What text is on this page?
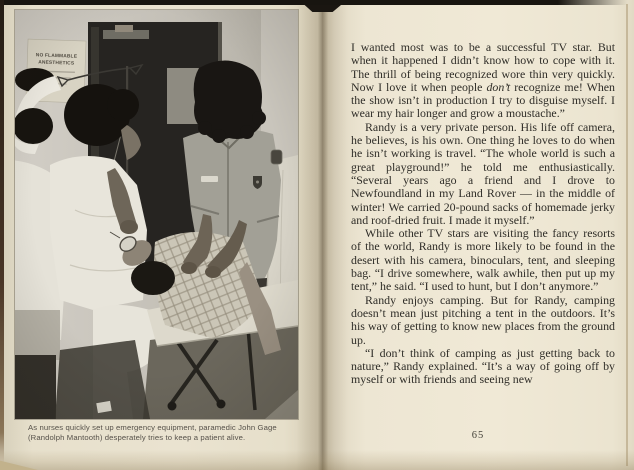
As nurses quickly set up emergency equipment, paramedic John Gage (Randolph Mantooth) desperately tries to keep a patient alive.

I wanted most was to be a successful TV star. But when it happened I didn’t know how to cope with it. The thrill of being recognized wore thin very quickly. Now I love it when people don’t recognize me! When the show isn’t in production I try to disguise myself. I wear my hair longer and grow a moustache.”

Randy is a very private person. His life off camera, he believes, is his own. One thing he loves to do when he isn’t working is travel. “The whole world is such a great playground!” he told me enthusiastically. “Several years ago a friend and I drove to Newfoundland in my Land Rover — in the middle of winter! We carried 20-pound sacks of homemade jerky and roof-dried fruit. I made it myself.”

While other TV stars are visiting the fancy resorts of the world, Randy is more likely to be found in the desert with his camera, binoculars, tent, and sleeping bag. “I drive somewhere, walk awhile, then put up my tent,” he said. “I used to hunt, but I don’t anymore.”

Randy enjoys camping. But for Randy, camping doesn’t mean just pitching a tent in the outdoors. It’s his way of getting to know new places from the ground up.

“I don’t think of camping as just getting back to nature,” Randy explained. “It’s a way of going off by myself or with friends and seeing new

65
